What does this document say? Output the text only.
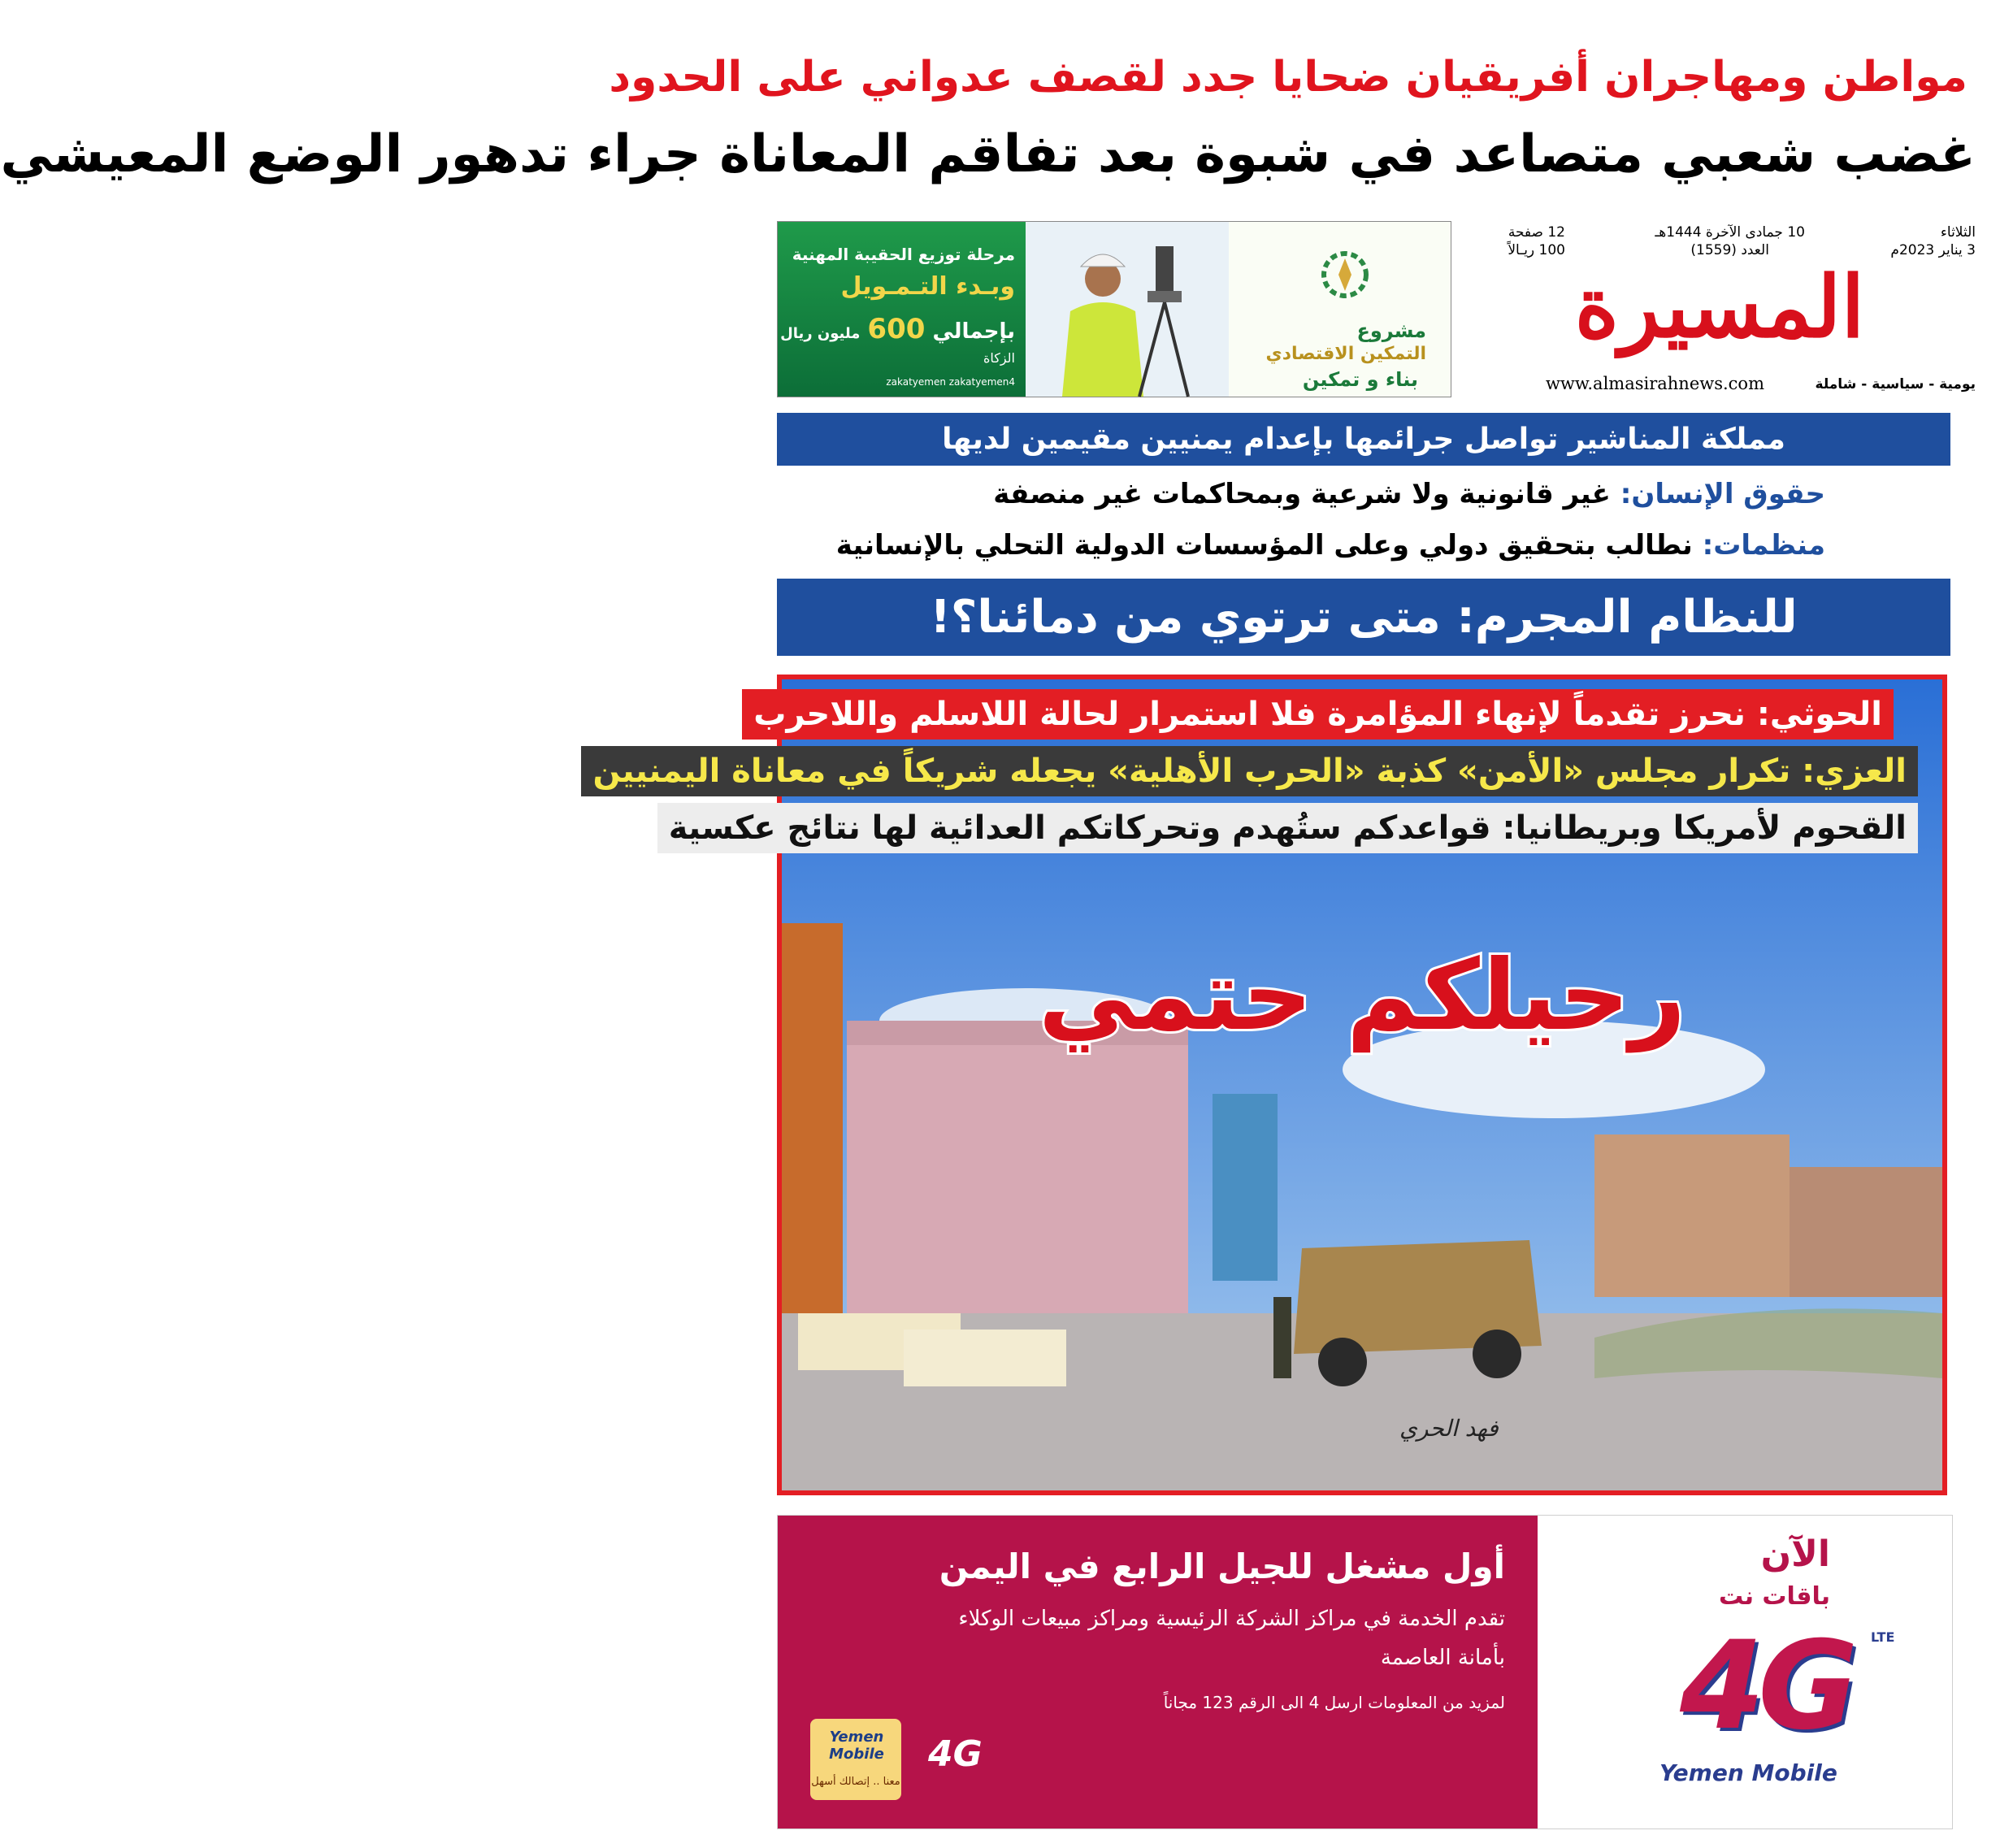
مواطن ومهاجران أفريقيان ضحايا جدد لقصف عدواني على الحدود
غضب شعبي متصاعد في شبوة بعد تفاقم المعاناة جراء تدهور الوضع المعيشي
الثلاثاء
3 يناير 2023م
10 جمادى الآخرة 1444هـ
العدد (1559)
12 صفحة
100 ريـالاً
المسيرة
يومية - سياسية - شاملة
www.almasirahnews.com
مرحلة توزيع الحقيبة المهنية
وبـدء التـمـويل
بإجمالي 600 مليون ريال
الزكاة
zakatyemen zakatyemen4
مشروع
التمكين الاقتصادي
بناء و تمكين
مملكة المناشير تواصل جرائمها بإعدام يمنيين مقيمين لديها
حقوق الإنسان: غير قانونية ولا شرعية وبمحاكمات غير منصفة
منظمات: نطالب بتحقيق دولي وعلى المؤسسات الدولية التحلي بالإنسانية
للنظام المجرم: متى ترتوي من دمائنا؟!
الحوثي: نحرز تقدماً لإنهاء المؤامرة فلا استمرار لحالة اللاسلم واللاحرب
العزي: تكرار مجلس «الأمن» كذبة «الحرب الأهلية» يجعله شريكاً في معاناة اليمنيين
القحوم لأمريكا وبريطانيا: قواعدكم ستُهدم وتحركاتكم العدائية لها نتائج عكسية
رحيلكم حتمي
فهد الحري
أول مشغل للجيل الرابع في اليمن
تقدم الخدمة في مراكز الشركة الرئيسية ومراكز مبيعات الوكلاء
بأمانة العاصمة
لمزيد من المعلومات ارسل 4 الى الرقم 123 مجاناً
Yemen Mobile
معنا .. إتصالك أسهل
4G
الآن
باقات نت
4G LTE
Yemen Mobile
